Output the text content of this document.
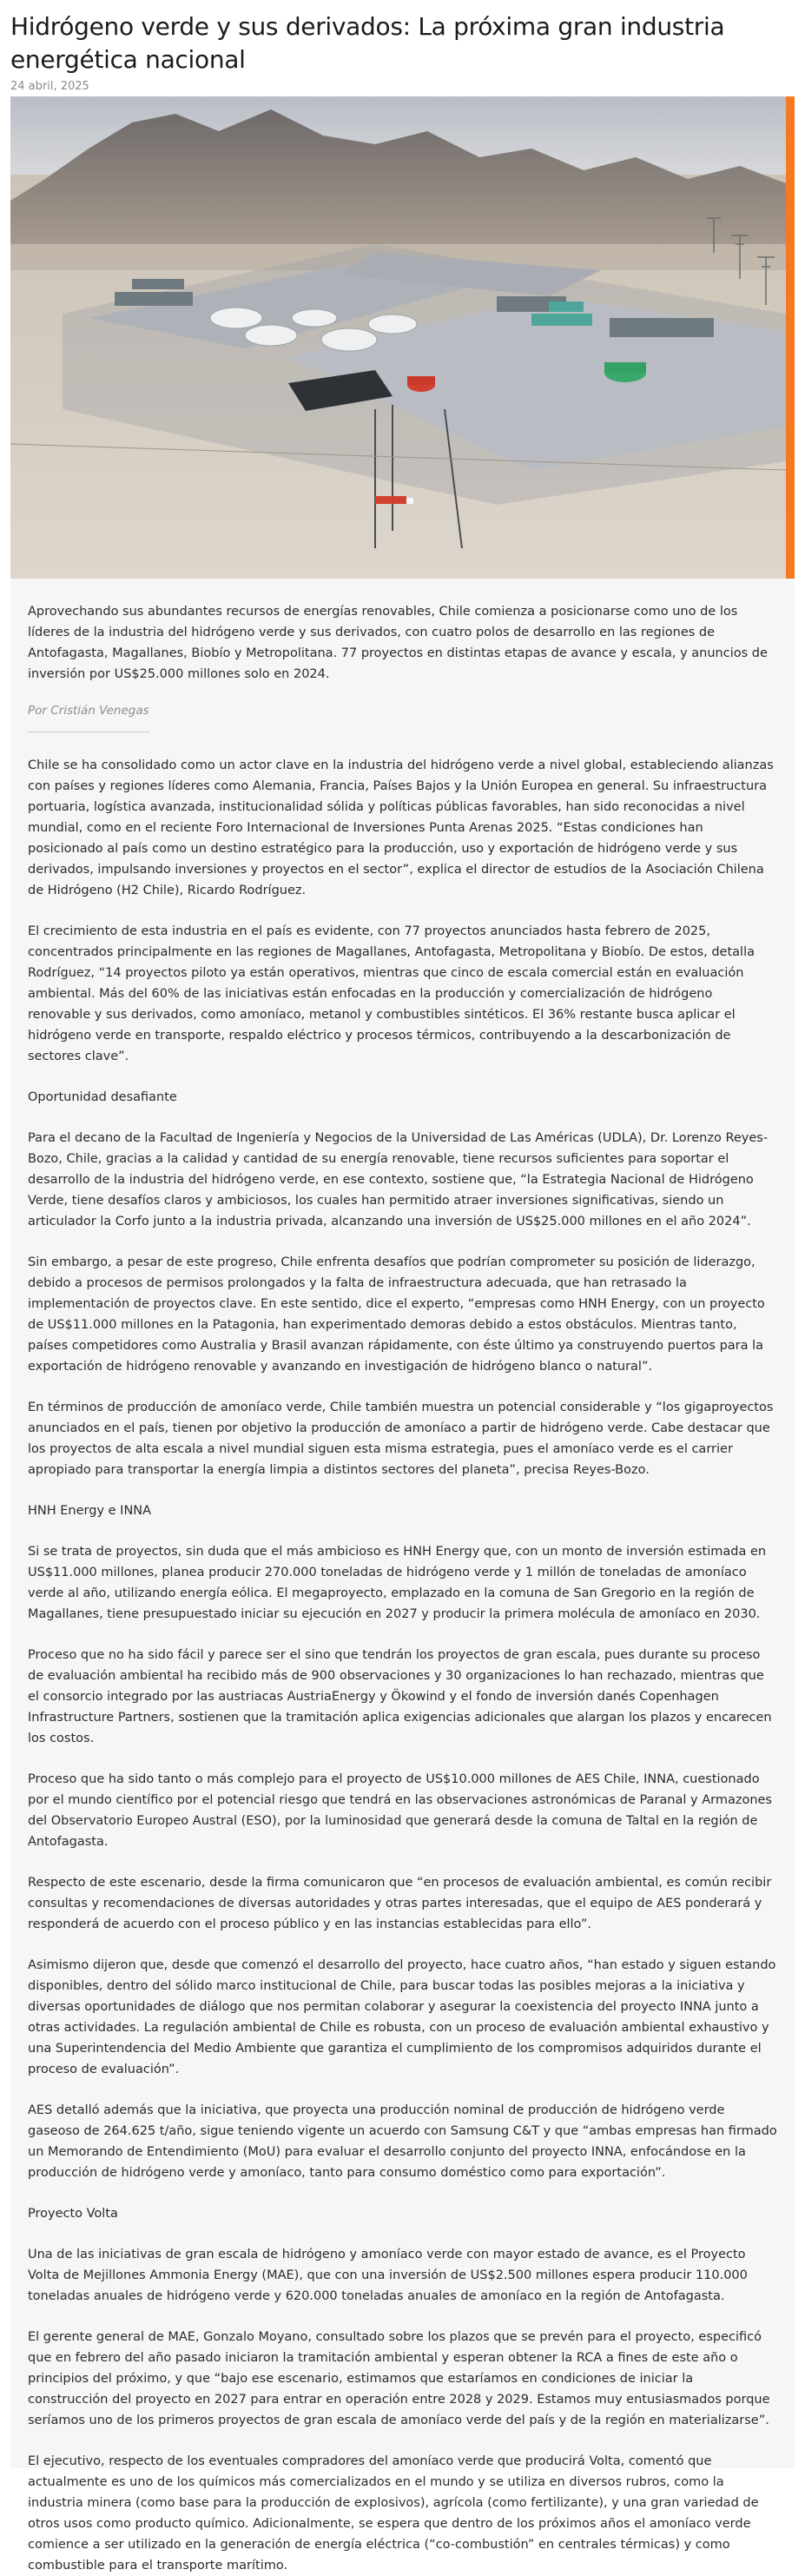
Hidrógeno verde y sus derivados: La próxima gran industria energética nacional
24 abril, 2025

Aprovechando sus abundantes recursos de energías renovables, Chile comienza a posicionarse como uno de los líderes de la industria del hidrógeno verde y sus derivados, con cuatro polos de desarrollo en las regiones de Antofagasta, Magallanes, Biobío y Metropolitana. 77 proyectos en distintas etapas de avance y escala, y anuncios de inversión por US$25.000 millones solo en 2024.

Por Cristián Venegas

Chile se ha consolidado como un actor clave en la industria del hidrógeno verde a nivel global, estableciendo alianzas con países y regiones líderes como Alemania, Francia, Países Bajos y la Unión Europea en general. Su infraestructura portuaria, logística avanzada, institucionalidad sólida y políticas públicas favorables, han sido reconocidas a nivel mundial, como en el reciente Foro Internacional de Inversiones Punta Arenas 2025. “Estas condiciones han posicionado al país como un destino estratégico para la producción, uso y exportación de hidrógeno verde y sus derivados, impulsando inversiones y proyectos en el sector”, explica el director de estudios de la Asociación Chilena de Hidrógeno (H2 Chile), Ricardo Rodríguez.

El crecimiento de esta industria en el país es evidente, con 77 proyectos anunciados hasta febrero de 2025, concentrados principalmente en las regiones de Magallanes, Antofagasta, Metropolitana y Biobío. De estos, detalla Rodríguez, “14 proyectos piloto ya están operativos, mientras que cinco de escala comercial están en evaluación ambiental. Más del 60% de las iniciativas están enfocadas en la producción y comercialización de hidrógeno renovable y sus derivados, como amoníaco, metanol y combustibles sintéticos. El 36% restante busca aplicar el hidrógeno verde en transporte, respaldo eléctrico y procesos térmicos, contribuyendo a la descarbonización de sectores clave”.

Oportunidad desafiante

Para el decano de la Facultad de Ingeniería y Negocios de la Universidad de Las Américas (UDLA), Dr. Lorenzo Reyes-Bozo, Chile, gracias a la calidad y cantidad de su energía renovable, tiene recursos suficientes para soportar el desarrollo de la industria del hidrógeno verde, en ese contexto, sostiene que, “la Estrategia Nacional de Hidrógeno Verde, tiene desafíos claros y ambiciosos, los cuales han permitido atraer inversiones significativas, siendo un articulador la Corfo junto a la industria privada, alcanzando una inversión de US$25.000 millones en el año 2024”.

Sin embargo, a pesar de este progreso, Chile enfrenta desafíos que podrían comprometer su posición de liderazgo, debido a procesos de permisos prolongados y la falta de infraestructura adecuada, que han retrasado la implementación de proyectos clave. En este sentido, dice el experto, “empresas como HNH Energy, con un proyecto de US$11.000 millones en la Patagonia, han experimentado demoras debido a estos obstáculos. Mientras tanto, países competidores como Australia y Brasil avanzan rápidamente, con éste último ya construyendo puertos para la exportación de hidrógeno renovable y avanzando en investigación de hidrógeno blanco o natural”.

En términos de producción de amoníaco verde, Chile también muestra un potencial considerable y “los gigaproyectos anunciados en el país, tienen por objetivo la producción de amoníaco a partir de hidrógeno verde. Cabe destacar que los proyectos de alta escala a nivel mundial siguen esta misma estrategia, pues el amoníaco verde es el carrier apropiado para transportar la energía limpia a distintos sectores del planeta”, precisa Reyes-Bozo.

HNH Energy e INNA

Si se trata de proyectos, sin duda que el más ambicioso es HNH Energy que, con un monto de inversión estimada en US$11.000 millones, planea producir 270.000 toneladas de hidrógeno verde y 1 millón de toneladas de amoníaco verde al año, utilizando energía eólica. El megaproyecto, emplazado en la comuna de San Gregorio en la región de Magallanes, tiene presupuestado iniciar su ejecución en 2027 y producir la primera molécula de amoníaco en 2030.

Proceso que no ha sido fácil y parece ser el sino que tendrán los proyectos de gran escala, pues durante su proceso de evaluación ambiental ha recibido más de 900 observaciones y 30 organizaciones lo han rechazado, mientras que el consorcio integrado por las austriacas AustriaEnergy y Ökowind y el fondo de inversión danés Copenhagen Infrastructure Partners, sostienen que la tramitación aplica exigencias adicionales que alargan los plazos y encarecen los costos.

Proceso que ha sido tanto o más complejo para el proyecto de US$10.000 millones de AES Chile, INNA, cuestionado por el mundo científico por el potencial riesgo que tendrá en las observaciones astronómicas de Paranal y Armazones del Observatorio Europeo Austral (ESO), por la luminosidad que generará desde la comuna de Taltal en la región de Antofagasta.

Respecto de este escenario, desde la firma comunicaron que “en procesos de evaluación ambiental, es común recibir consultas y recomendaciones de diversas autoridades y otras partes interesadas, que el equipo de AES ponderará y responderá de acuerdo con el proceso público y en las instancias establecidas para ello”.

Asimismo dijeron que, desde que comenzó el desarrollo del proyecto, hace cuatro años, “han estado y siguen estando disponibles, dentro del sólido marco institucional de Chile, para buscar todas las posibles mejoras a la iniciativa y diversas oportunidades de diálogo que nos permitan colaborar y asegurar la coexistencia del proyecto INNA junto a otras actividades. La regulación ambiental de Chile es robusta, con un proceso de evaluación ambiental exhaustivo y una Superintendencia del Medio Ambiente que garantiza el cumplimiento de los compromisos adquiridos durante el proceso de evaluación”.

AES detalló además que la iniciativa, que proyecta una producción nominal de producción de hidrógeno verde gaseoso de 264.625 t/año, sigue teniendo vigente un acuerdo con Samsung C&T y que “ambas empresas han firmado un Memorando de Entendimiento (MoU) para evaluar el desarrollo conjunto del proyecto INNA, enfocándose en la producción de hidrógeno verde y amoníaco, tanto para consumo doméstico como para exportación”.

Proyecto Volta

Una de las iniciativas de gran escala de hidrógeno y amoníaco verde con mayor estado de avance, es el Proyecto Volta de Mejillones Ammonia Energy (MAE), que con una inversión de US$2.500 millones espera producir 110.000 toneladas anuales de hidrógeno verde y 620.000 toneladas anuales de amoníaco en la región de Antofagasta.

El gerente general de MAE, Gonzalo Moyano, consultado sobre los plazos que se prevén para el proyecto, especificó que en febrero del año pasado iniciaron la tramitación ambiental y esperan obtener la RCA a fines de este año o principios del próximo, y que “bajo ese escenario, estimamos que estaríamos en condiciones de iniciar la construcción del proyecto en 2027 para entrar en operación entre 2028 y 2029. Estamos muy entusiasmados porque seríamos uno de los primeros proyectos de gran escala de amoníaco verde del país y de la región en materializarse”.

El ejecutivo, respecto de los eventuales compradores del amoníaco verde que producirá Volta, comentó que actualmente es uno de los químicos más comercializados en el mundo y se utiliza en diversos rubros, como la industria minera (como base para la producción de explosivos), agrícola (como fertilizante), y una gran variedad de otros usos como producto químico. Adicionalmente, se espera que dentro de los próximos años el amoníaco verde comience a ser utilizado en la generación de energía eléctrica (“co-combustión” en centrales térmicas) y como combustible para el transporte marítimo.
